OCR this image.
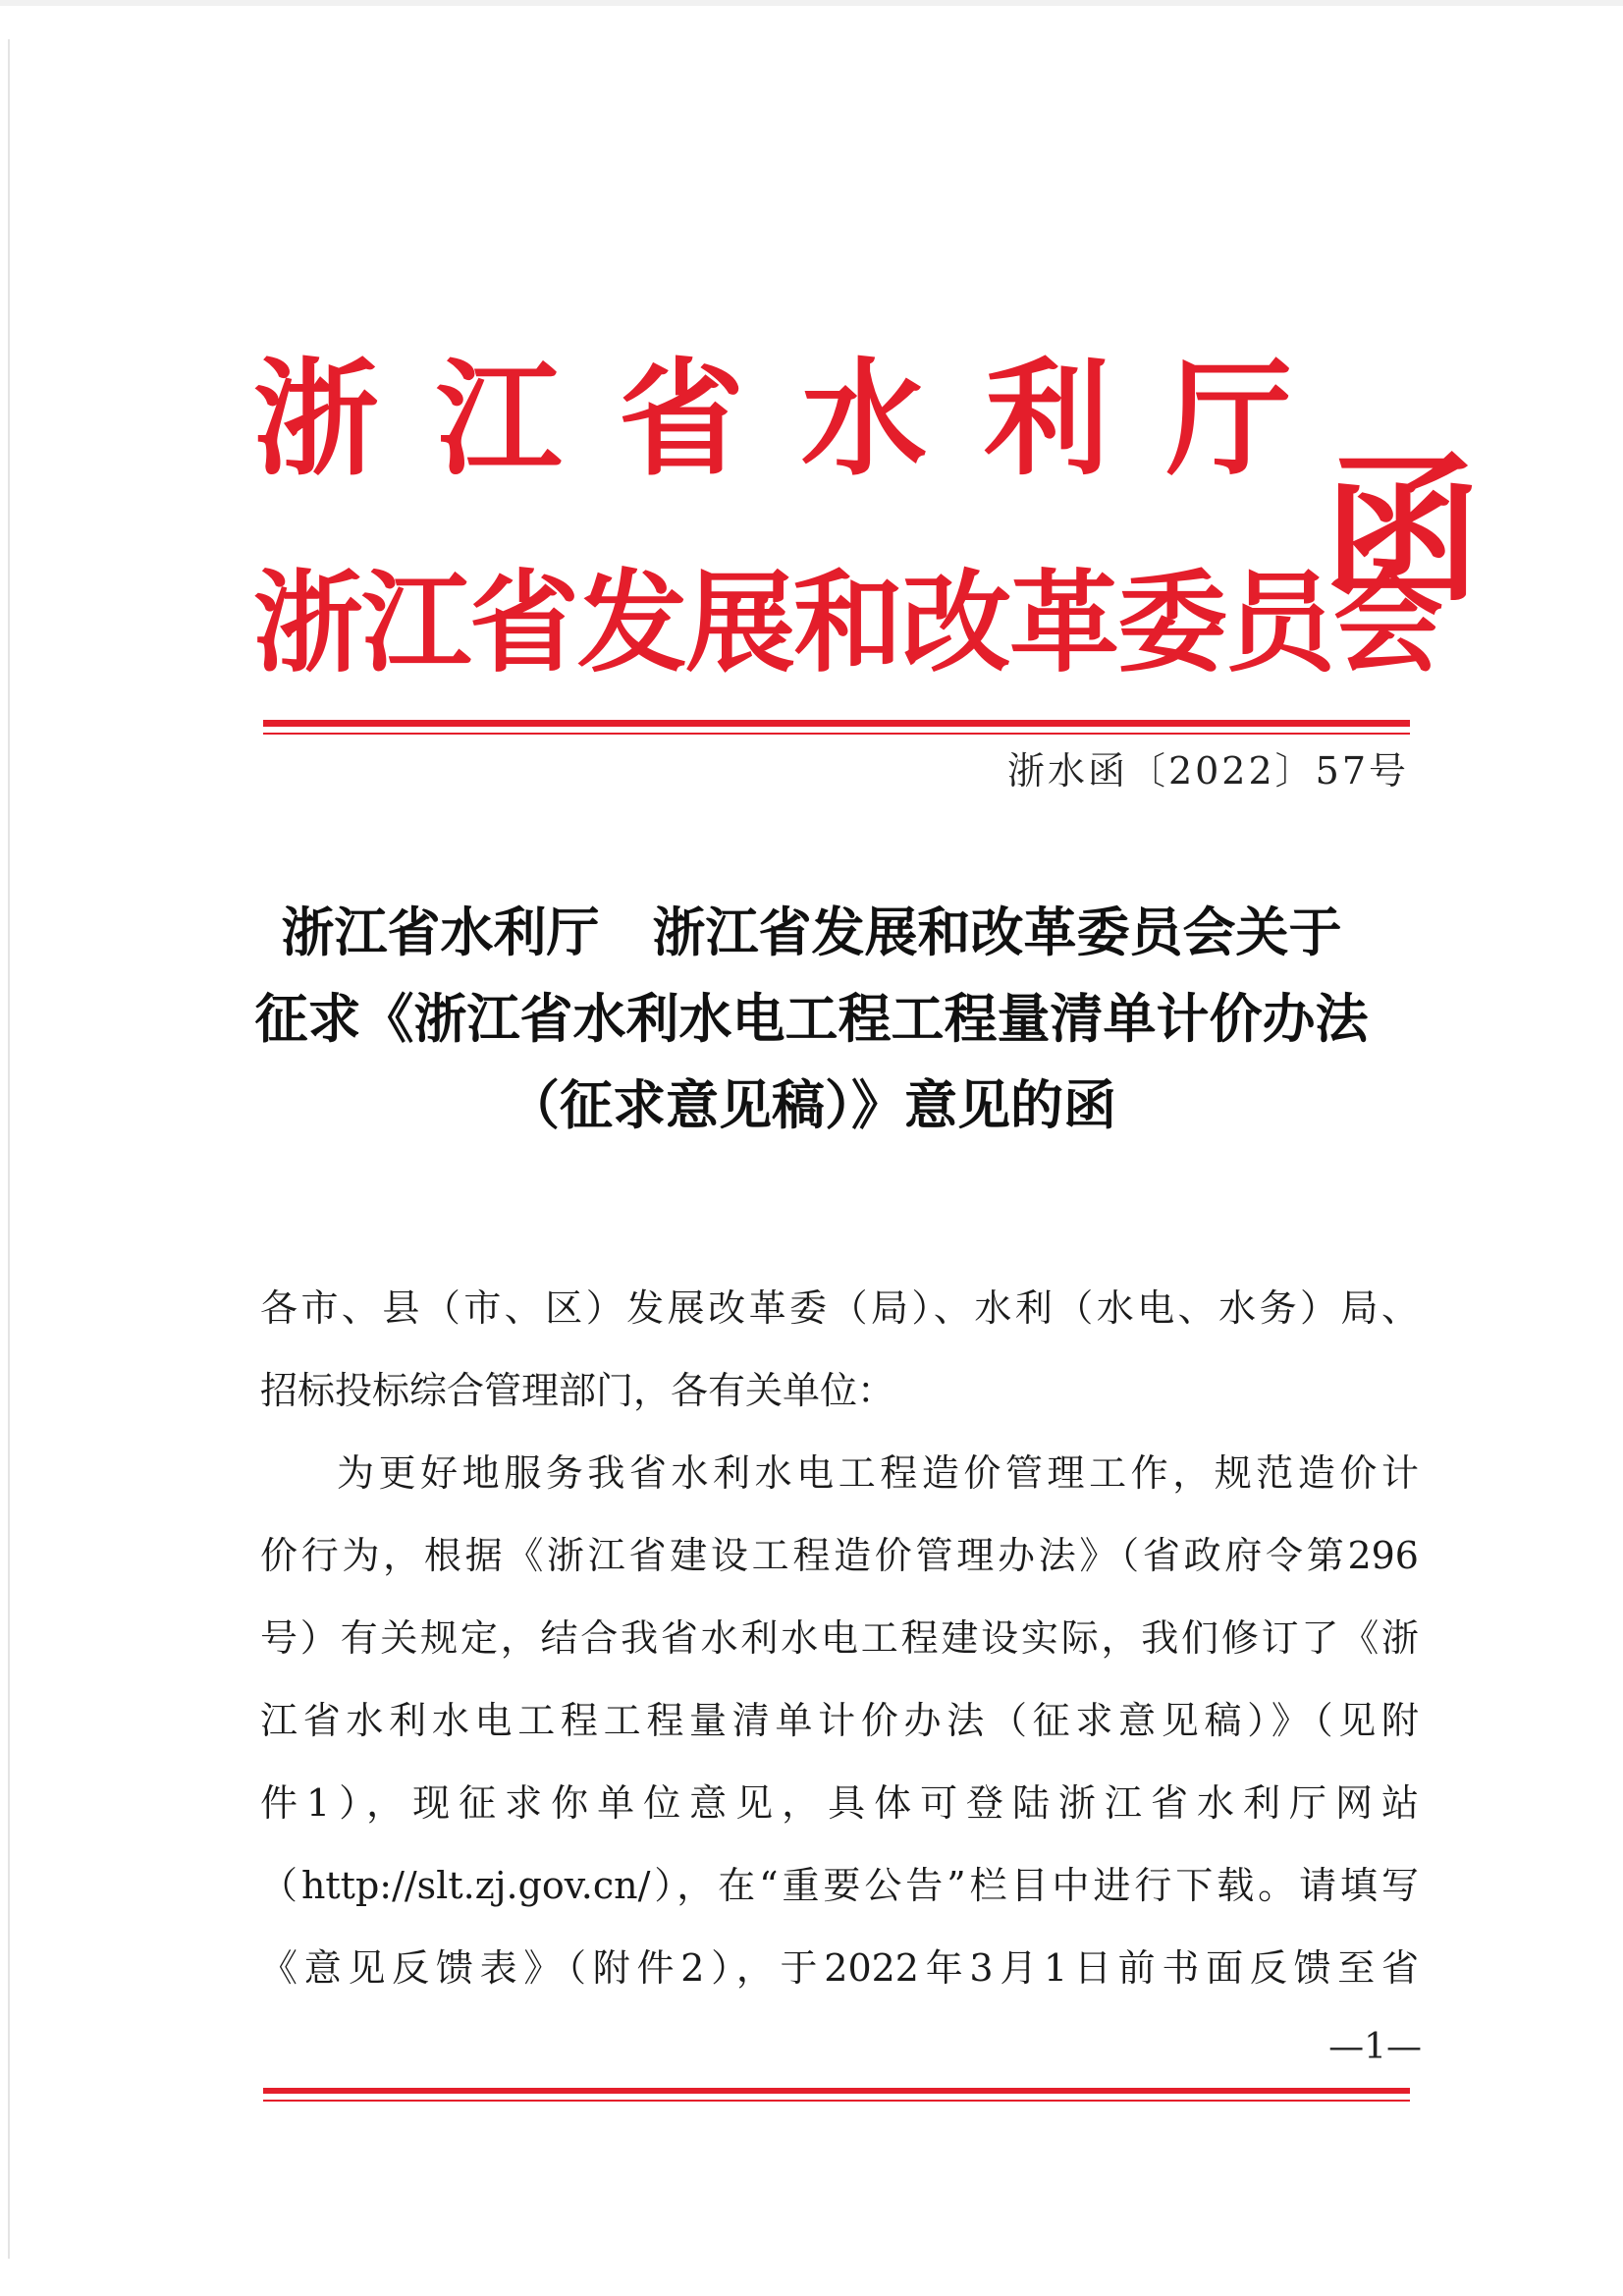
浙江省水利厅
浙江省发展和改革委员会
函
浙水函〔2022〕57号
浙江省水利厅　浙江省发展和改革委员会关于
征求《浙江省水利水电工程工程量清单计价办法
（征求意见稿）》意见的函
各市、县（市、区）发展改革委（局）、水利（水电、水务）局、
招标投标综合管理部门，各有关单位：
为更好地服务我省水利水电工程造价管理工作，规范造价计
价行为，根据《浙江省建设工程造价管理办法》（省政府令第296
号）有关规定，结合我省水利水电工程建设实际，我们修订了《浙
江省水利水电工程工程量清单计价办法（征求意见稿）》（见附
件1），现征求你单位意见，具体可登陆浙江省水利厅网站
（http://slt.zj.gov.cn/），在“重要公告”栏目中进行下载。请填写
《意见反馈表》（附件2），于2022年3月1日前书面反馈至省
—1—
